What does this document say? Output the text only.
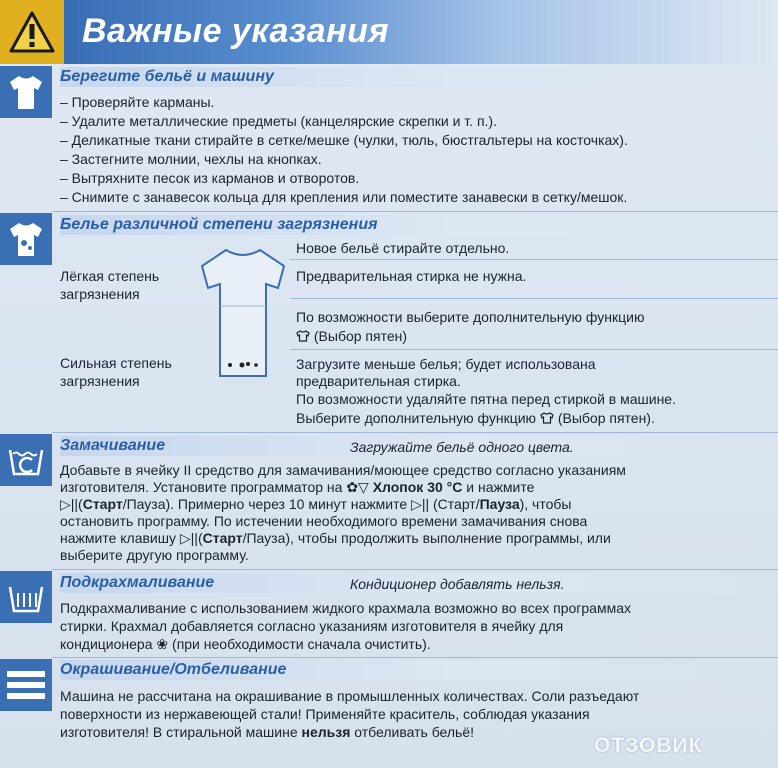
Важные указания
Берегите бельё и машину
– Проверяйте карманы.
– Удалите металлические предметы (канцелярские скрепки и т. п.).
– Деликатные ткани стирайте в сетке/мешке (чулки, тюль, бюстгальтеры на косточках).
– Застегните молнии, чехлы на кнопках.
– Вытряхните песок из карманов и отворотов.
– Снимите с занавесок кольца для крепления или поместите занавески в сетку/мешок.
Белье различной степени загрязнения
Лёгкая степень
загрязнения
Сильная степень
загрязнения
Новое бельё стирайте отдельно.
Предварительная стирка не нужна.
По возможности выберите дополнительную функцию
(Выбор пятен)
Загрузите меньше белья; будет использована
предварительная стирка.
По возможности удаляйте пятна перед стиркой в машине.
Выберите дополнительную функцию (Выбор пятен).
Замачивание	Загружайте бельё одного цвета.
Добавьте в ячейку II средство для замачивания/моющее средство согласно указаниям
изготовителя. Установите программатор на ✿▽ Хлопок 30 °C и нажмите
▷||(Старт/Пауза). Примерно через 10 минут нажмите ▷|| (Старт/Пауза), чтобы
остановить программу. По истечении необходимого времени замачивания снова
нажмите клавишу ▷||(Старт/Пауза), чтобы продолжить выполнение программы, или
выберите другую программу.
Подкрахмаливание	Кондиционер добавлять нельзя.
Подкрахмаливание с использованием жидкого крахмала возможно во всех программах
стирки. Крахмал добавляется согласно указаниям изготовителя в ячейку для
кондиционера ❀ (при необходимости сначала очистить).
Окрашивание/Отбеливание
Машина не рассчитана на окрашивание в промышленных количествах. Соли разъедают
поверхности из нержавеющей стали! Применяйте краситель, соблюдая указания
изготовителя! В стиральной машине нельзя отбеливать бельё!
ОТЗОВИК
